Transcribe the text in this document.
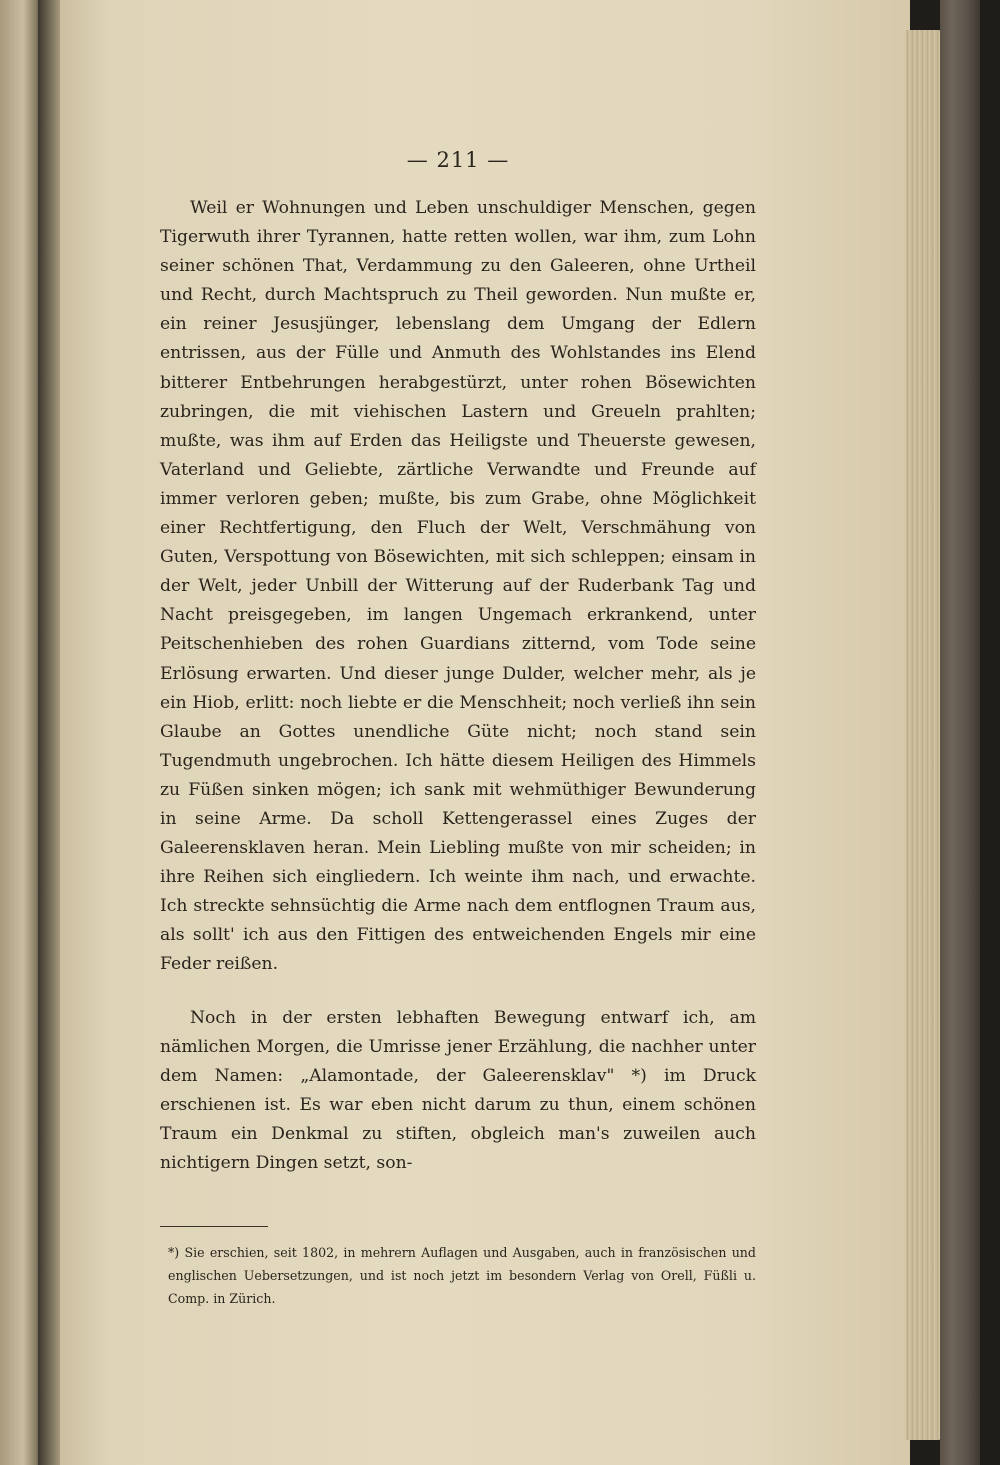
— 211 —

Weil er Wohnungen und Leben unschuldiger Menschen, gegen Tigerwuth ihrer Tyrannen, hatte retten wollen, war ihm, zum Lohn seiner schönen That, Verdammung zu den Galeeren, ohne Urtheil und Recht, durch Machtspruch zu Theil geworden. Nun mußte er, ein reiner Jesusjünger, lebenslang dem Umgang der Edlern entrissen, aus der Fülle und Anmuth des Wohlstandes ins Elend bitterer Entbehrungen herabgestürzt, unter rohen Bösewichten zubringen, die mit viehischen Lastern und Greueln prahlten; mußte, was ihm auf Erden das Heiligste und Theuerste gewesen, Vaterland und Geliebte, zärtliche Verwandte und Freunde auf immer verloren geben; mußte, bis zum Grabe, ohne Möglichkeit einer Rechtfertigung, den Fluch der Welt, Verschmähung von Guten, Verspottung von Bösewichten, mit sich schleppen; einsam in der Welt, jeder Unbill der Witterung auf der Ruderbank Tag und Nacht preisgegeben, im langen Ungemach erkrankend, unter Peitschenhieben des rohen Guardians zitternd, vom Tode seine Erlösung erwarten. Und dieser junge Dulder, welcher mehr, als je ein Hiob, erlitt: noch liebte er die Menschheit; noch verließ ihn sein Glaube an Gottes unendliche Güte nicht; noch stand sein Tugendmuth ungebrochen. Ich hätte diesem Heiligen des Himmels zu Füßen sinken mögen; ich sank mit wehmüthiger Bewunderung in seine Arme. Da scholl Kettengerassel eines Zuges der Galeerensklaven heran. Mein Liebling mußte von mir scheiden; in ihre Reihen sich eingliedern. Ich weinte ihm nach, und erwachte. Ich streckte sehnsüchtig die Arme nach dem entflognen Traum aus, als sollt' ich aus den Fittigen des entweichenden Engels mir eine Feder reißen.

Noch in der ersten lebhaften Bewegung entwarf ich, am nämlichen Morgen, die Umrisse jener Erzählung, die nachher unter dem Namen: „Alamontade, der Galeerensklav" *) im Druck erschienen ist. Es war eben nicht darum zu thun, einem schönen Traum ein Denkmal zu stiften, obgleich man's zuweilen auch nichtigern Dingen setzt, son-

*) Sie erschien, seit 1802, in mehrern Auflagen und Ausgaben, auch in französischen und englischen Uebersetzungen, und ist noch jetzt im besondern Verlag von Orell, Füßli u. Comp. in Zürich.
